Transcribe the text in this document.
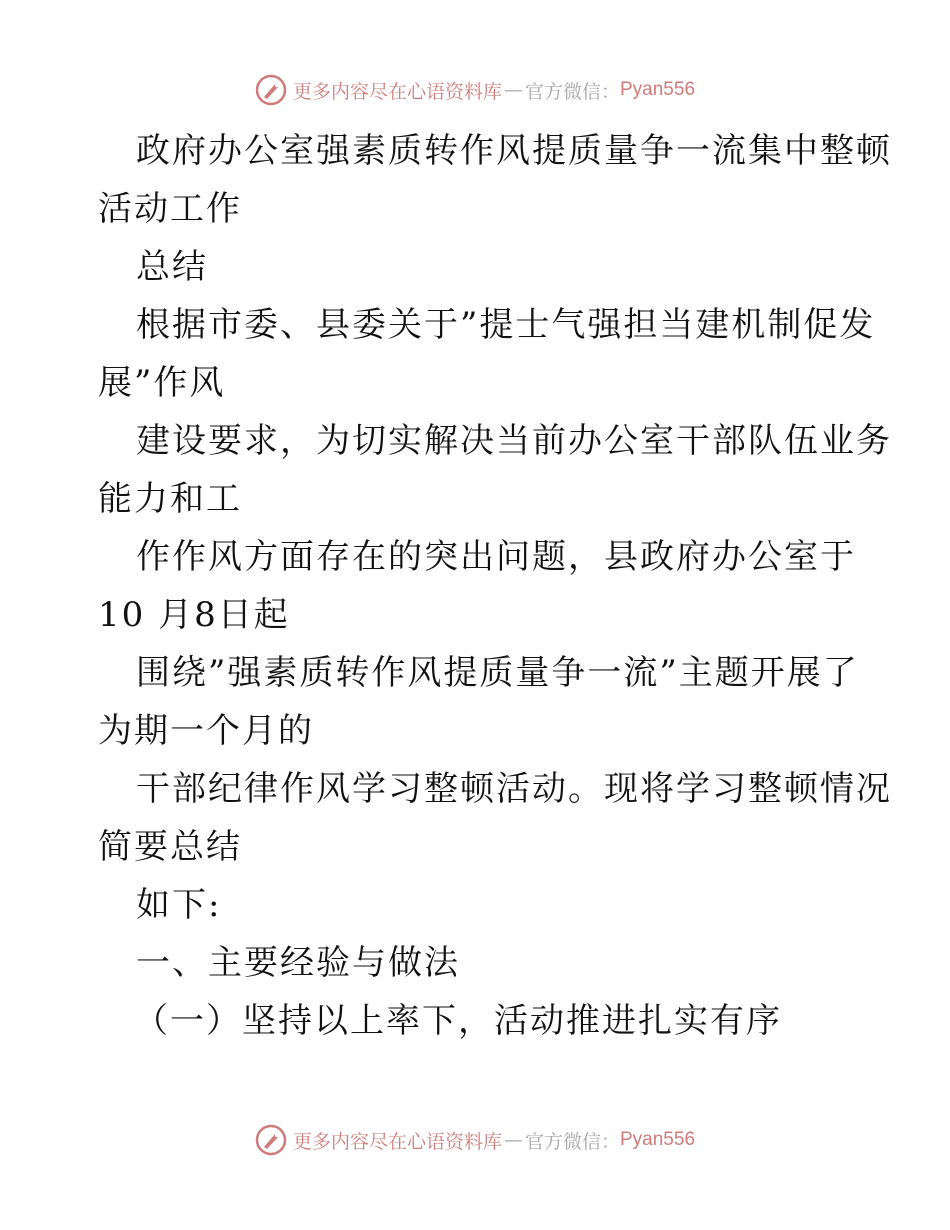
更多内容尽在心语资料库 — 官方微信： Pyan556
政府办公室强素质转作风提质量争一流集中整顿
活动工作
总结
根据市委、县委关于”提士气强担当建机制促发
展”作风
建设要求，为切实解决当前办公室干部队伍业务
能力和工
作作风方面存在的突出问题，县政府办公室于
10 月8日起
围绕”强素质转作风提质量争一流”主题开展了
为期一个月的
干部纪律作风学习整顿活动。现将学习整顿情况
简要总结
如下:
一、主要经验与做法
（一）坚持以上率下，活动推进扎实有序
更多内容尽在心语资料库 — 官方微信： Pyan556
